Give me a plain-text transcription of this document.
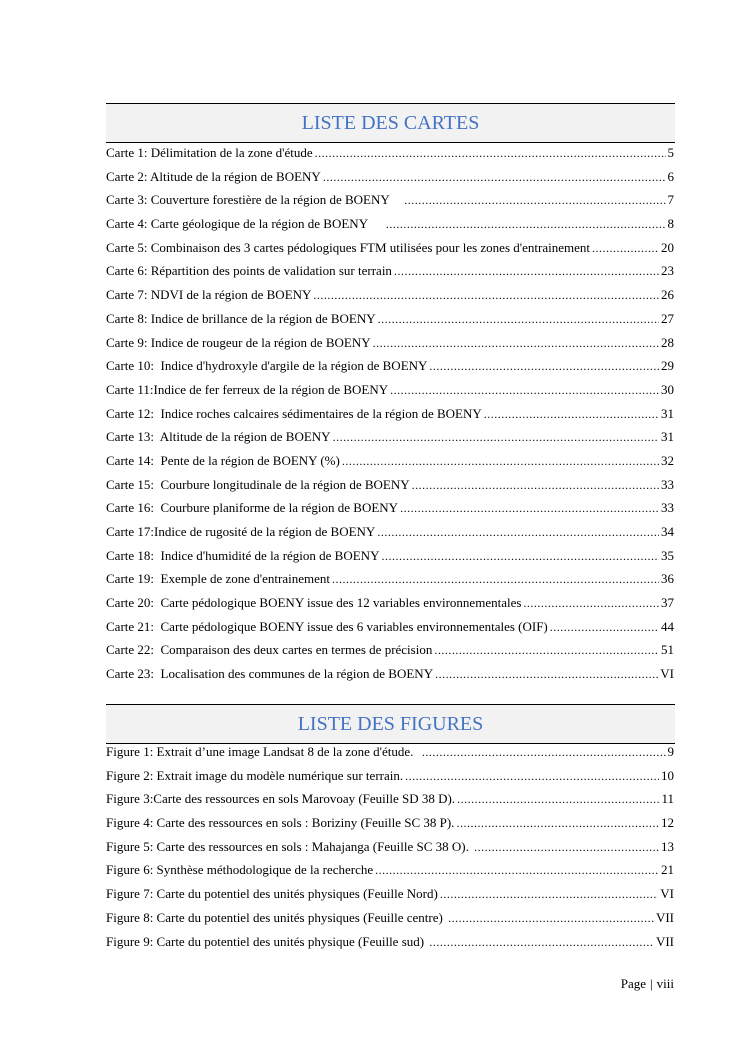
LISTE DES CARTES
Carte 1: Délimitation de la zone d'étude .....	5
Carte 2: Altitude de la région de BOENY .....	6
Carte 3: Couverture forestière de la région de BOENY .....	7
Carte 4: Carte géologique de la région de BOENY .....	8
Carte 5: Combinaison des 3 cartes pédologiques FTM utilisées pour les zones d'entrainement .....	20
Carte 6: Répartition des points de validation sur terrain .....	23
Carte 7: NDVI de la région de BOENY .....	26
Carte 8: Indice de brillance de la région de BOENY .....	27
Carte 9: Indice de rougeur de la région de BOENY .....	28
Carte 10:  Indice d'hydroxyle d'argile de la région de BOENY .....	29
Carte 11:Indice de fer ferreux de la région de BOENY .....	30
Carte 12:  Indice roches calcaires sédimentaires de la région de BOENY .....	31
Carte 13:  Altitude de la région de BOENY .....	31
Carte 14:  Pente de la région de BOENY (%) .....	32
Carte 15:  Courbure longitudinale de la région de BOENY .....	33
Carte 16:  Courbure planiforme de la région de BOENY .....	33
Carte 17:Indice de rugosité de la région de BOENY .....	34
Carte 18:  Indice d'humidité de la région de BOENY .....	35
Carte 19:  Exemple de zone d'entrainement .....	36
Carte 20:  Carte pédologique BOENY issue des 12 variables environnementales .....	37
Carte 21:  Carte pédologique BOENY issue des 6 variables environnementales (OIF) .....	44
Carte 22:  Comparaison des deux cartes en termes de précision .....	51
Carte 23:  Localisation des communes de la région de BOENY .....	VI
LISTE DES FIGURES
Figure 1: Extrait d’une image Landsat 8 de la zone d'étude. .....	9
Figure 2: Extrait image du modèle numérique sur terrain. .....	10
Figure 3:Carte des ressources en sols Marovoay (Feuille SD 38 D). .....	11
Figure 4: Carte des ressources en sols : Boriziny (Feuille SC 38 P). .....	12
Figure 5: Carte des ressources en sols : Mahajanga (Feuille SC 38 O). .....	13
Figure 6: Synthèse méthodologique de la recherche .....	21
Figure 7: Carte du potentiel des unités physiques (Feuille Nord) .....	VI
Figure 8: Carte du potentiel des unités physiques (Feuille centre) .....	VII
Figure 9: Carte du potentiel des unités physique (Feuille sud) .....	VII
Page | viii
